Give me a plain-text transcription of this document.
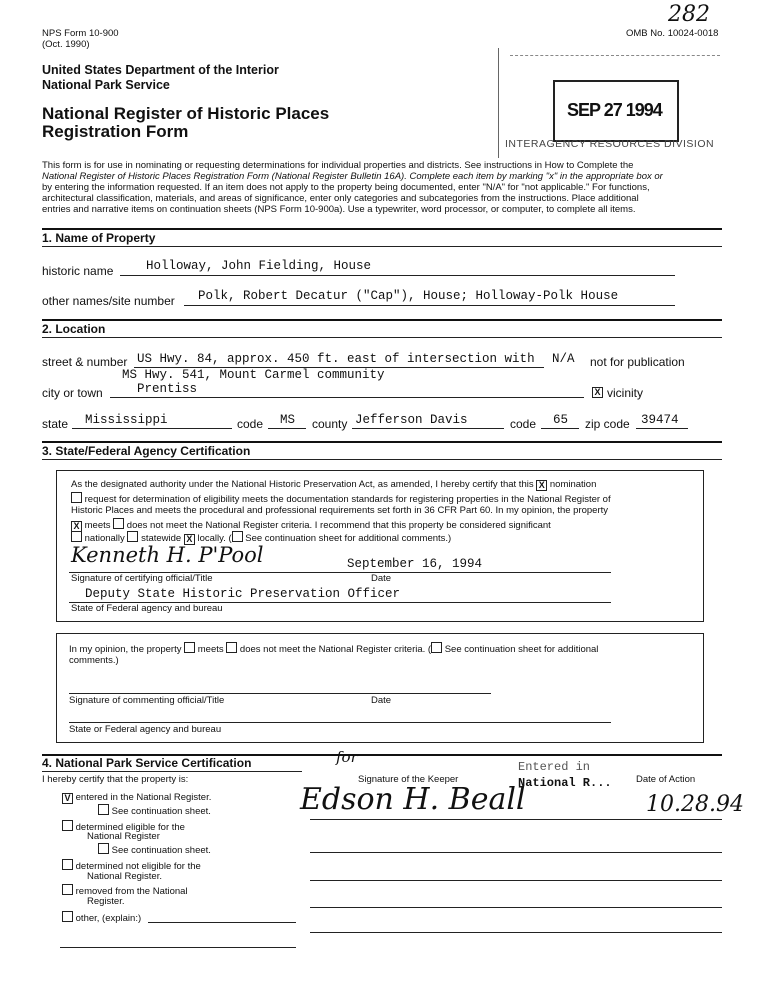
NPS Form 10-900
(Oct. 1990)
OMB No. 10024-0018
282
United States Department of the Interior
National Park Service
National Register of Historic Places
Registration Form
SEP 27 1994
INTERAGENCY RESOURCES DIVISION
This form is for use in nominating or requesting determinations for individual properties and districts. See instructions in How to Complete the
National Register of Historic Places Registration Form (National Register Bulletin 16A). Complete each item by marking "x" in the appropriate box or
by entering the information requested. If an item does not apply to the property being documented, enter "N/A" for "not applicable." For functions,
architectural classification, materials, and areas of significance, enter only categories and subcategories from the instructions. Place additional
entries and narrative items on continuation sheets (NPS Form 10-900a). Use a typewriter, word processor, or computer, to complete all items.
1. Name of Property
historic name	Holloway, John Fielding, House
other names/site number Polk, Robert Decatur ("Cap"), House; Holloway-Polk House
2. Location
street & number US Hwy. 84, approx. 450 ft. east of intersection with N/A not for publication
MS Hwy. 541, Mount Carmel community
city or town	Prentiss	X vicinity
state Mississippi	code MS county Jefferson Davis	code 65 zip code 39474
3. State/Federal Agency Certification
As the designated authority under the National Historic Preservation Act, as amended, I hereby certify that this X nomination
request for determination of eligibility meets the documentation standards for registering properties in the National Register of
Historic Places and meets the procedural and professional requirements set forth in 36 CFR Part 60. In my opinion, the property
X meets does not meet the National Register criteria. I recommend that this property be considered significant
nationally statewide X locally. ( See continuation sheet for additional comments.)
Kenneth H. P'Pool	September 16, 1994
Signature of certifying official/Title	Date
Deputy State Historic Preservation Officer
State of Federal agency and bureau
In my opinion, the property meets does not meet the National Register criteria. ( See continuation sheet for additional
comments.)
Signature of commenting official/Title	Date
State or Federal agency and bureau
4. National Park Service Certification
I hereby certify that the property is:	Signature of the Keeper	Date of Action
Entered in
National R...
for
Edson H. Beall	10.28.94
V entered in the National Register.
See continuation sheet.
determined eligible for the
National Register
See continuation sheet.
determined not eligible for the
National Register.
removed from the National
Register.
other, (explain:)
